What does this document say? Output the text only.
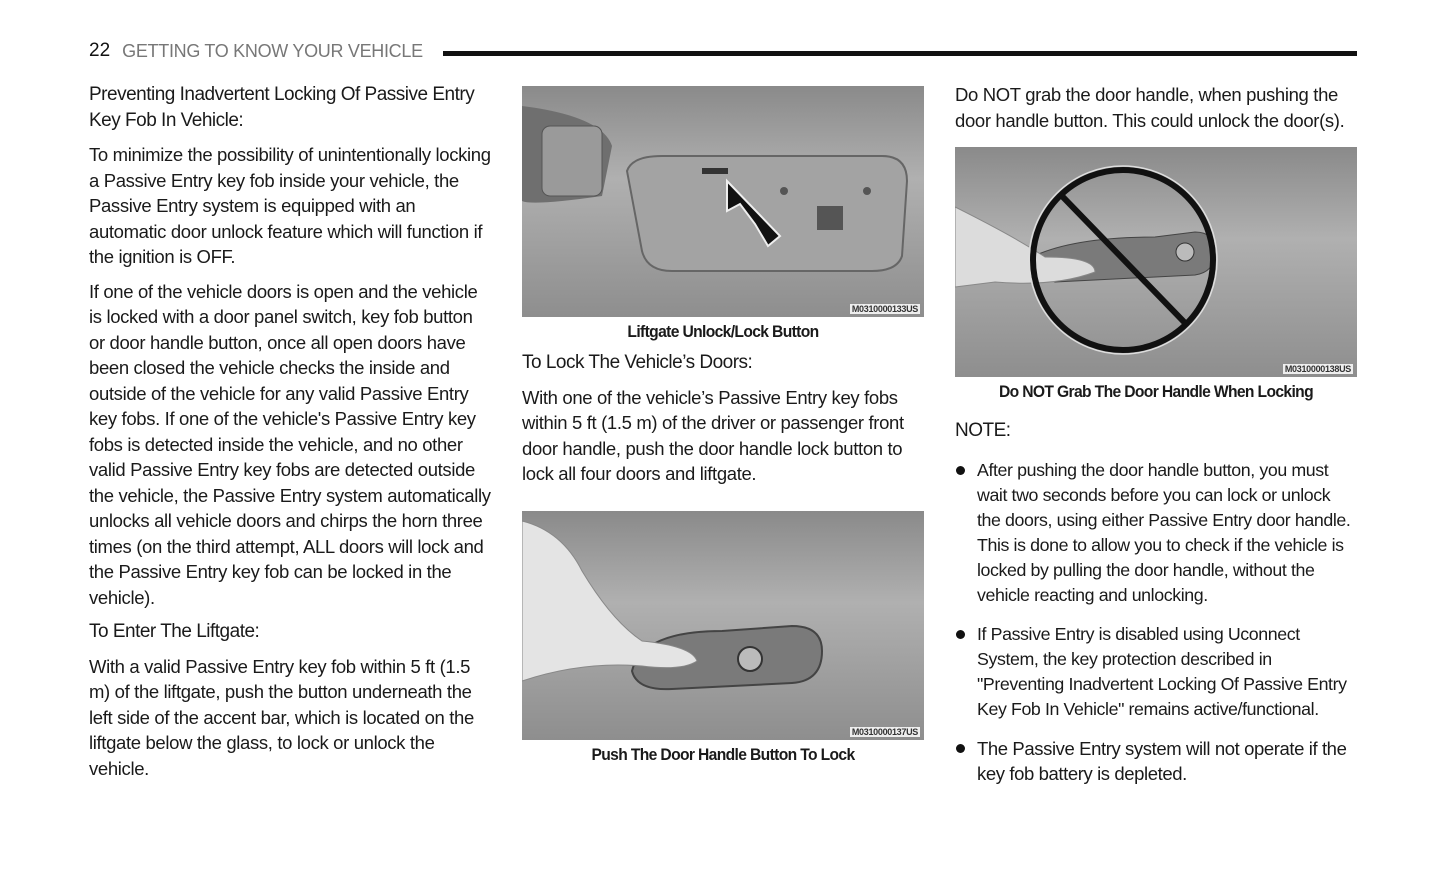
22 GETTING TO KNOW YOUR VEHICLE
Preventing Inadvertent Locking Of Passive Entry Key Fob In Vehicle:

To minimize the possibility of unintentionally locking a Passive Entry key fob inside your vehicle, the Passive Entry system is equipped with an automatic door unlock feature which will function if the ignition is OFF.

If one of the vehicle doors is open and the vehicle is locked with a door panel switch, key fob button or door handle button, once all open doors have been closed the vehicle checks the inside and outside of the vehicle for any valid Passive Entry key fobs. If one of the vehicle's Passive Entry key fobs is detected inside the vehicle, and no other valid Passive Entry key fobs are detected outside the vehicle, the Passive Entry system automatically unlocks all vehicle doors and chirps the horn three times (on the third attempt, ALL doors will lock and the Passive Entry key fob can be locked in the vehicle).

To Enter The Liftgate:

With a valid Passive Entry key fob within 5 ft (1.5 m) of the liftgate, push the button underneath the left side of the accent bar, which is located on the liftgate below the glass, to lock or unlock the vehicle.

M0310000133US
Liftgate Unlock/Lock Button
To Lock The Vehicle’s Doors:

With one of the vehicle’s Passive Entry key fobs within 5 ft (1.5 m) of the driver or passenger front door handle, push the door handle lock button to lock all four doors and liftgate.

M0310000137US
Push The Door Handle Button To Lock

Do NOT grab the door handle, when pushing the door handle button. This could unlock the door(s).

M0310000138US
Do NOT Grab The Door Handle When Locking
NOTE:
After pushing the door handle button, you must wait two seconds before you can lock or unlock the doors, using either Passive Entry door handle. This is done to allow you to check if the vehicle is locked by pulling the door handle, without the vehicle reacting and unlocking.
If Passive Entry is disabled using Uconnect System, the key protection described in "Preventing Inadvertent Locking Of Passive Entry Key Fob In Vehicle" remains active/functional.
The Passive Entry system will not operate if the key fob battery is depleted.
